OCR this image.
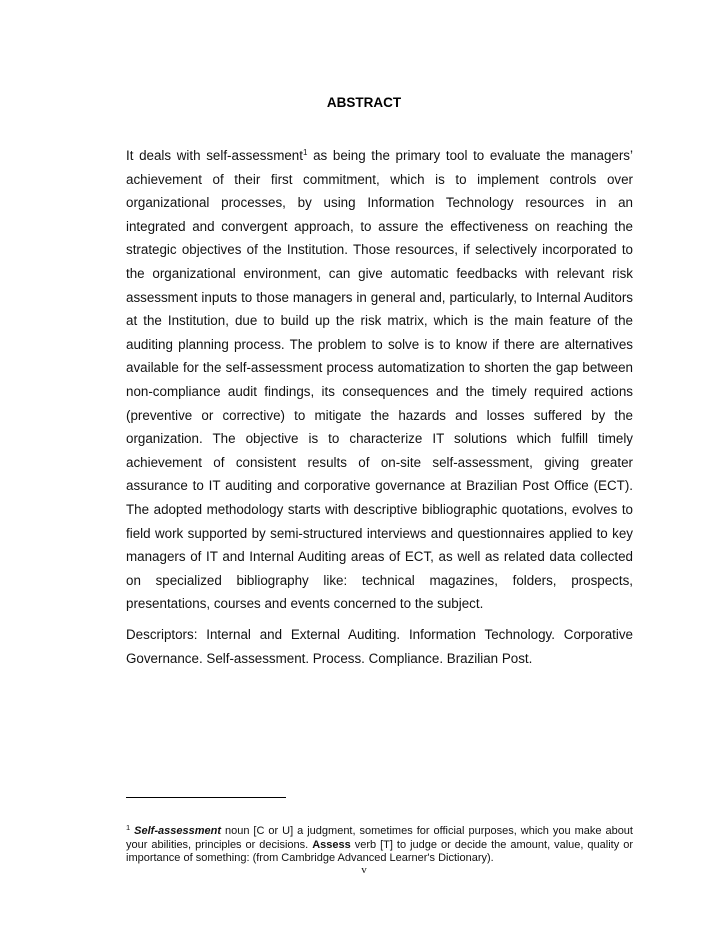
ABSTRACT
It deals with self-assessment$^1$ as being the primary tool to evaluate the managers’
achievement of their first commitment, which is to implement controls over
organizational processes, by using Information Technology resources in an
integrated and convergent approach, to assure the effectiveness on reaching the
strategic objectives of the Institution. Those resources, if selectively incorporated to
the organizational environment, can give automatic feedbacks with relevant risk
assessment inputs to those managers in general and, particularly, to Internal Auditors
at the Institution, due to build up the risk matrix, which is the main feature of the
auditing planning process. The problem to solve is to know if there are alternatives
available for the self-assessment process automatization to shorten the gap between
non-compliance audit findings, its consequences and the timely required actions
(preventive or corrective) to mitigate the hazards and losses suffered by the
organization. The objective is to characterize IT solutions which fulfill timely
achievement of consistent results of on-site self-assessment, giving greater
assurance to IT auditing and corporative governance at Brazilian Post Office (ECT).
The adopted methodology starts with descriptive bibliographic quotations, evolves to
field work supported by semi-structured interviews and questionnaires applied to key
managers of IT and Internal Auditing areas of ECT, as well as related data collected
on specialized bibliography like: technical magazines, folders, prospects,
presentations, courses and events concerned to the subject.
Descriptors: Internal and External Auditing. Information Technology. Corporative
Governance. Self-assessment. Process. Compliance. Brazilian Post.
$^1$ Self-assessment noun [C or U] a judgment, sometimes for official purposes, which you make about
your abilities, principles or decisions. Assess verb [T] to judge or decide the amount, value, quality or
importance of something: (from Cambridge Advanced Learner's Dictionary).
v
